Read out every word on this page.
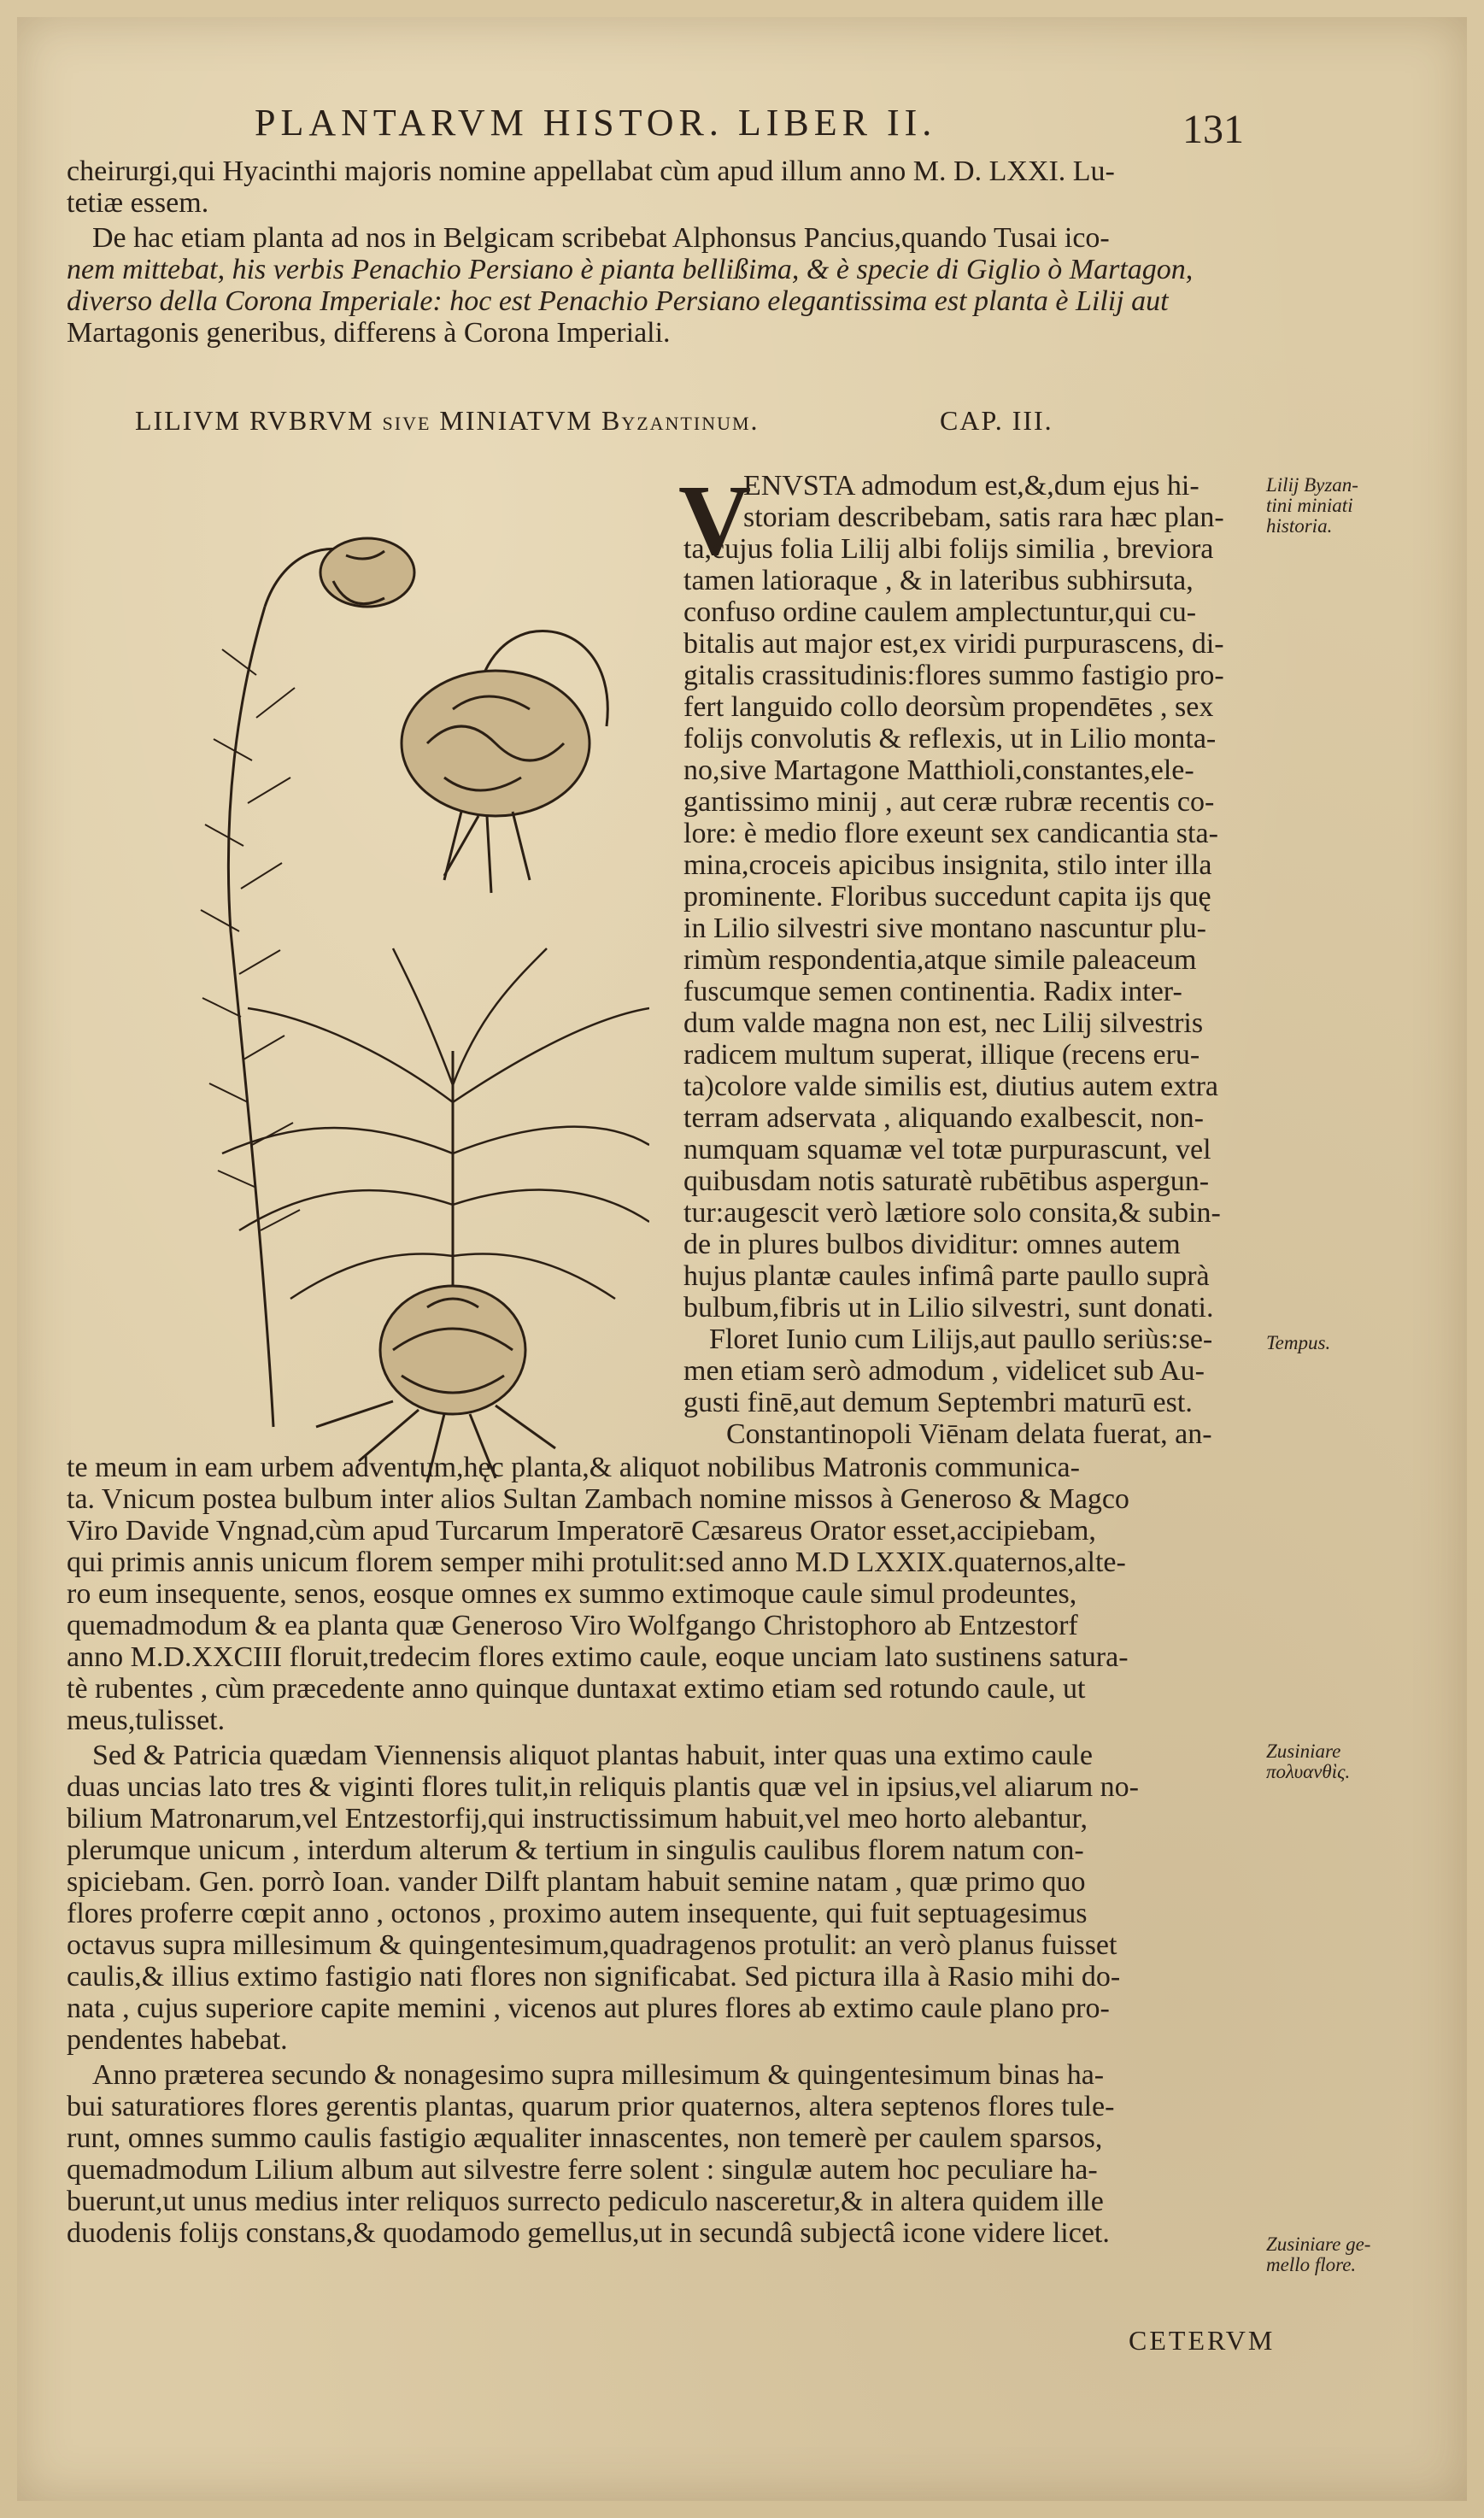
PLANTARVM HISTOR. LIBER II.	131
cheirurgi,qui Hyacinthi majoris nomine appellabat cùm apud illum anno M. D. LXXI. Lu-
tetiæ essem.
De hac etiam planta ad nos in Belgicam scribebat Alphonsus Pancius,quando Tusai ico-
nem mittebat, his verbis Penachio Persiano è pianta bellißima, & è specie di Giglio ò Martagon,
diverso della Corona Imperiale: hoc est Penachio Persiano elegantissima est planta è Lilij aut
Martagonis generibus, differens à Corona Imperiali.
LILIVM RVBRVM sive MINIATVM Byzantinum.	CAP. III.
V
ENVSTA admodum est,&,dum ejus hi-
storiam describebam, satis rara hæc plan-
ta,cujus folia Lilij albi folijs similia , breviora
tamen latioraque , & in lateribus subhirsuta,
confuso ordine caulem amplectuntur,qui cu-
bitalis aut major est,ex viridi purpurascens, di-
gitalis crassitudinis:flores summo fastigio pro-
fert languido collo deorsùm propendētes , sex
folijs convolutis & reflexis, ut in Lilio monta-
no,sive Martagone Matthioli,constantes,ele-
gantissimo minij , aut ceræ rubræ recentis co-
lore: è medio flore exeunt sex candicantia sta-
mina,croceis apicibus insignita, stilo inter illa
prominente. Floribus succedunt capita ijs quę
in Lilio silvestri sive montano nascuntur plu-
rimùm respondentia,atque simile paleaceum
fuscumque semen continentia. Radix inter-
dum valde magna non est, nec Lilij silvestris
radicem multum superat, illique (recens eru-
ta)colore valde similis est, diutius autem extra
terram adservata , aliquando exalbescit, non-
numquam squamæ vel totæ purpurascunt, vel
quibusdam notis saturatè rubētibus aspergun-
tur:augescit verò lætiore solo consita,& subin-
de in plures bulbos dividitur: omnes autem
hujus plantæ caules infimâ parte paullo suprà
bulbum,fibris ut in Lilio silvestri, sunt donati.
Floret Iunio cum Lilijs,aut paullo seriùs:se-
men etiam serò admodum , videlicet sub Au-
gusti finē,aut demum Septembri maturū est.
Constantinopoli Viēnam delata fuerat, an-
te meum in eam urbem adventum,hęc planta,& aliquot nobilibus Matronis communica-
ta. Vnicum postea bulbum inter alios Sultan Zambach nomine missos à Generoso & Magco
Viro Davide Vngnad,cùm apud Turcarum Imperatorē Cæsareus Orator esset,accipiebam,
qui primis annis unicum florem semper mihi protulit:sed anno M.D LXXIX.quaternos,alte-
ro eum insequente, senos, eosque omnes ex summo extimoque caule simul prodeuntes,
quemadmodum & ea planta quæ Generoso Viro Wolfgango Christophoro ab Entzestorf
anno M.D.XXCIII floruit,tredecim flores extimo caule, eoque unciam lato sustinens satura-
tè rubentes , cùm præcedente anno quinque duntaxat extimo etiam sed rotundo caule, ut
meus,tulisset.
Sed & Patricia quædam Viennensis aliquot plantas habuit, inter quas una extimo caule
duas uncias lato tres & viginti flores tulit,in reliquis plantis quæ vel in ipsius,vel aliarum no-
bilium Matronarum,vel Entzestorfij,qui instructissimum habuit,vel meo horto alebantur,
plerumque unicum , interdum alterum & tertium in singulis caulibus florem natum con-
spiciebam. Gen. porrò Ioan. vander Dilft plantam habuit semine natam , quæ primo quo
flores proferre cœpit anno , octonos , proximo autem insequente, qui fuit septuagesimus
octavus supra millesimum & quingentesimum,quadragenos protulit: an verò planus fuisset
caulis,& illius extimo fastigio nati flores non significabat. Sed pictura illa à Rasio mihi do-
nata , cujus superiore capite memini , vicenos aut plures flores ab extimo caule plano pro-
pendentes habebat.
Anno præterea secundo & nonagesimo supra millesimum & quingentesimum binas ha-
bui saturatiores flores gerentis plantas, quarum prior quaternos, altera septenos flores tule-
runt, omnes summo caulis fastigio æqualiter innascentes, non temerè per caulem sparsos,
quemadmodum Lilium album aut silvestre ferre solent : singulæ autem hoc peculiare ha-
buerunt,ut unus medius inter reliquos surrecto pediculo nasceretur,& in altera quidem ille
duodenis folijs constans,& quodamodo gemellus,ut in secundâ subjectâ icone videre licet.
Lilij Byzan-
tini miniati
historia.
Tempus.
Zusiniare
πολυανθὶς.
Zusiniare ge-
mello flore.
CETERVM
